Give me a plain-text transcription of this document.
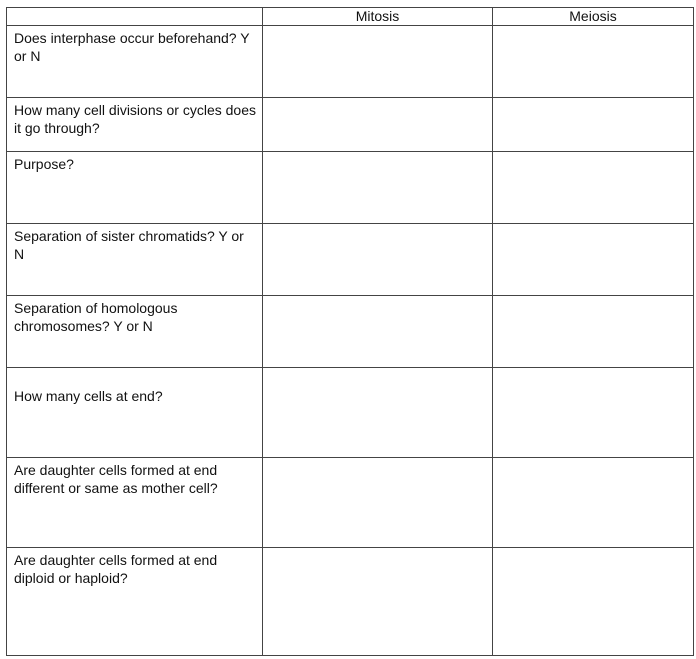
	Mitosis	Meiosis
Does interphase occur beforehand? Y or N		
How many cell divisions or cycles does it go through?		
Purpose?		
Separation of sister chromatids? Y or N		
Separation of homologous chromosomes? Y or N		
How many cells at end?		
Are daughter cells formed at end different or same as mother cell?		
Are daughter cells formed at end diploid or haploid?		
